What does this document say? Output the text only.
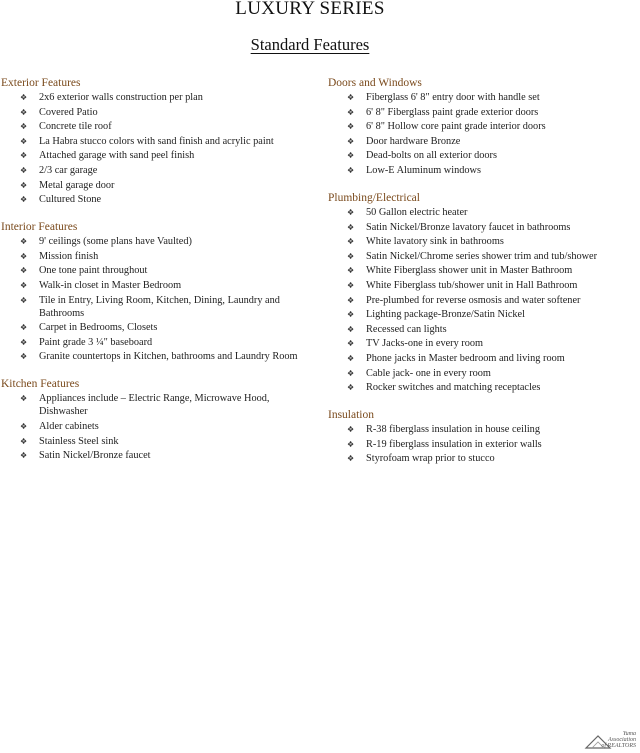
LUXURY SERIES
Standard Features
Exterior Features
❖ 2x6 exterior walls construction per plan
❖ Covered Patio
❖ Concrete tile roof
❖ La Habra stucco colors with sand finish and acrylic paint
❖ Attached garage with sand peel finish
❖ 2/3 car garage
❖ Metal garage door
❖ Cultured Stone
Interior Features
❖ 9' ceilings (some plans have Vaulted)
❖ Mission finish
❖ One tone paint throughout
❖ Walk-in closet in Master Bedroom
❖ Tile in Entry, Living Room, Kitchen, Dining, Laundry and Bathrooms
❖ Carpet in Bedrooms, Closets
❖ Paint grade 3 ¼" baseboard
❖ Granite countertops in Kitchen, bathrooms and Laundry Room
Kitchen Features
❖ Appliances include – Electric Range, Microwave Hood, Dishwasher
❖ Alder cabinets
❖ Stainless Steel sink
❖ Satin Nickel/Bronze faucet
Doors and Windows
❖ Fiberglass 6' 8" entry door with handle set
❖ 6' 8" Fiberglass paint grade exterior doors
❖ 6' 8" Hollow core paint grade interior doors
❖ Door hardware Bronze
❖ Dead-bolts on all exterior doors
❖ Low-E Aluminum windows
Plumbing/Electrical
❖ 50 Gallon electric heater
❖ Satin Nickel/Bronze lavatory faucet in bathrooms
❖ White lavatory sink in bathrooms
❖ Satin Nickel/Chrome series shower trim and tub/shower
❖ White Fiberglass shower unit in Master Bathroom
❖ White Fiberglass tub/shower unit in Hall Bathroom
❖ Pre-plumbed for reverse osmosis and water softener
❖ Lighting package-Bronze/Satin Nickel
❖ Recessed can lights
❖ TV Jacks-one in every room
❖ Phone jacks in Master bedroom and living room
❖ Cable jack- one in every room
❖ Rocker switches and matching receptacles
Insulation
❖ R-38 fiberglass insulation in house ceiling
❖ R-19 fiberglass insulation in exterior walls
❖ Styrofoam wrap prior to stucco
Yuma
Association
of REALTORS
